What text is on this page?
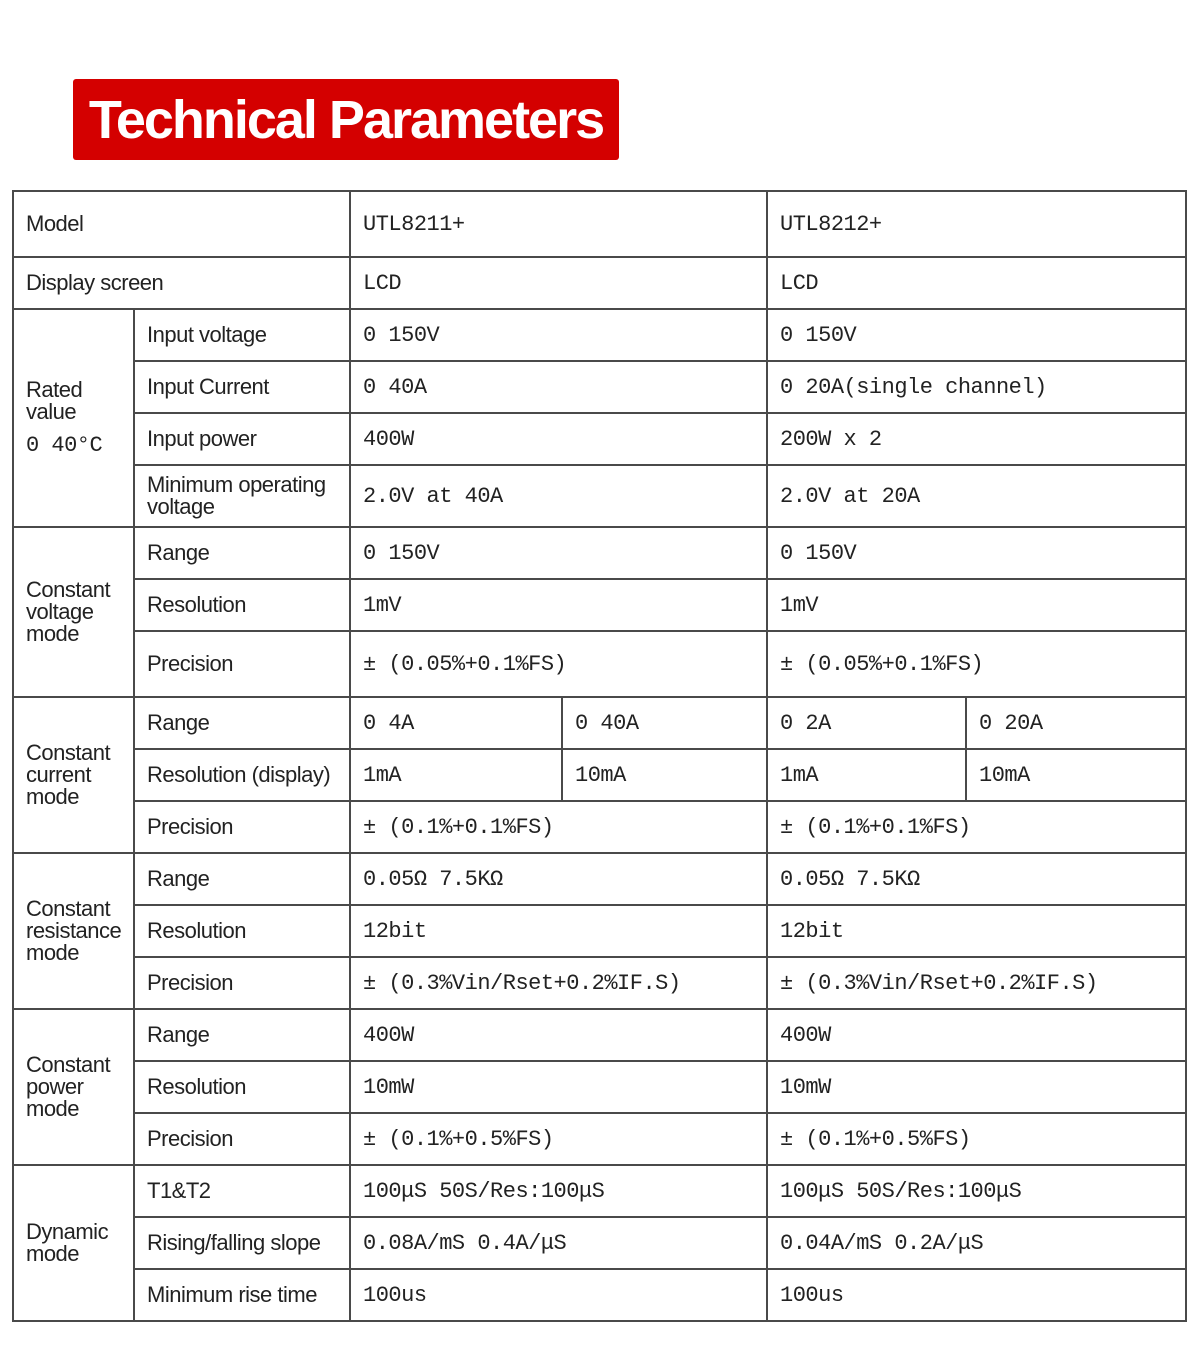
Technical Parameters
Model		UTL8211+		UTL8212+	
Display screen		LCD		LCD	
Rated value
0 40°C	Input voltage	0 150V		0 150V	
	Input Current	0 40A		0 20A(single channel)	
	Input power	400W		200W x 2	
	Minimum operating voltage	2.0V at 40A		2.0V at 20A	
Constant voltage mode	Range	0 150V		0 150V	
	Resolution	1mV		1mV	
	Precision	± (0.05%+0.1%FS)		± (0.05%+0.1%FS)	
Constant current mode	Range	0 4A	0 40A	0 2A	0 20A
	Resolution (display)	1mA	10mA	1mA	10mA
	Precision	± (0.1%+0.1%FS)		± (0.1%+0.1%FS)	
Constant resistance mode	Range	0.05Ω 7.5KΩ		0.05Ω 7.5KΩ	
	Resolution	12bit		12bit	
	Precision	± (0.3%Vin/Rset+0.2%IF.S)		± (0.3%Vin/Rset+0.2%IF.S)	
Constant power mode	Range	400W		400W	
	Resolution	10mW		10mW	
	Precision	± (0.1%+0.5%FS)		± (0.1%+0.5%FS)	
Dynamic mode	T1&T2	100μS 50S/Res:100μS		100μS 50S/Res:100μS	
	Rising/falling slope	0.08A/mS 0.4A/μS		0.04A/mS 0.2A/μS	
	Minimum rise time	100us		100us	
